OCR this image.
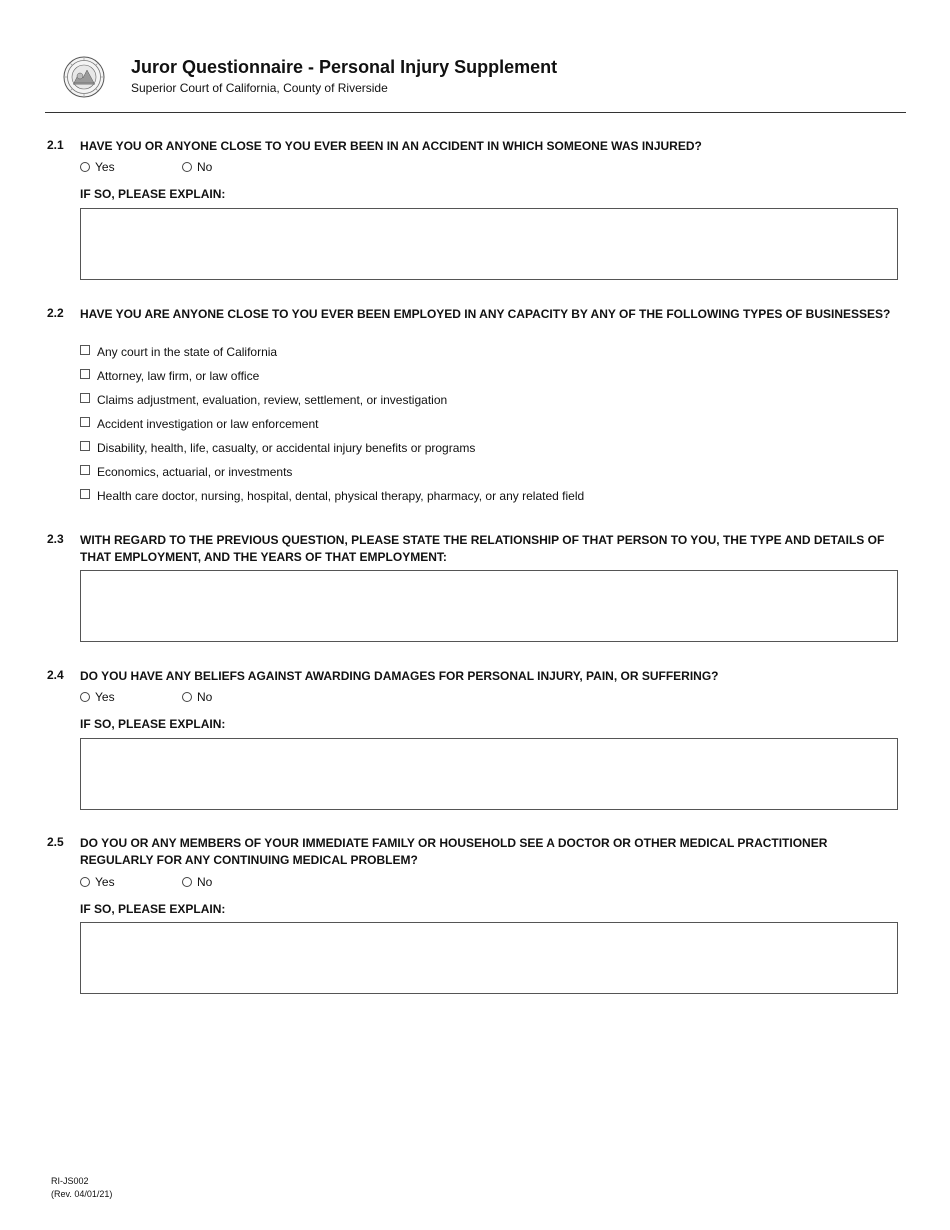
Juror Questionnaire - Personal Injury Supplement
Superior Court of California, County of Riverside
2.1 HAVE YOU OR ANYONE CLOSE TO YOU EVER BEEN IN AN ACCIDENT IN WHICH SOMEONE WAS INJURED?
Yes	No
IF SO, PLEASE EXPLAIN:
2.2 HAVE YOU ARE ANYONE CLOSE TO YOU EVER BEEN EMPLOYED IN ANY CAPACITY BY ANY OF THE FOLLOWING TYPES OF BUSINESSES?
Any court in the state of California
Attorney, law firm, or law office
Claims adjustment, evaluation, review, settlement, or investigation
Accident investigation or law enforcement
Disability, health, life, casualty, or accidental injury benefits or programs
Economics, actuarial, or investments
Health care doctor, nursing, hospital, dental, physical therapy, pharmacy, or any related field
2.3 WITH REGARD TO THE PREVIOUS QUESTION, PLEASE STATE THE RELATIONSHIP OF THAT PERSON TO YOU, THE TYPE AND DETAILS OF THAT EMPLOYMENT, AND THE YEARS OF THAT EMPLOYMENT:
2.4 DO YOU HAVE ANY BELIEFS AGAINST AWARDING DAMAGES FOR PERSONAL INJURY, PAIN, OR SUFFERING?
Yes	No
IF SO, PLEASE EXPLAIN:
2.5 DO YOU OR ANY MEMBERS OF YOUR IMMEDIATE FAMILY OR HOUSEHOLD SEE A DOCTOR OR OTHER MEDICAL PRACTITIONER REGULARLY FOR ANY CONTINUING MEDICAL PROBLEM?
Yes	No
IF SO, PLEASE EXPLAIN:
RI-JS002
(Rev. 04/01/21)
